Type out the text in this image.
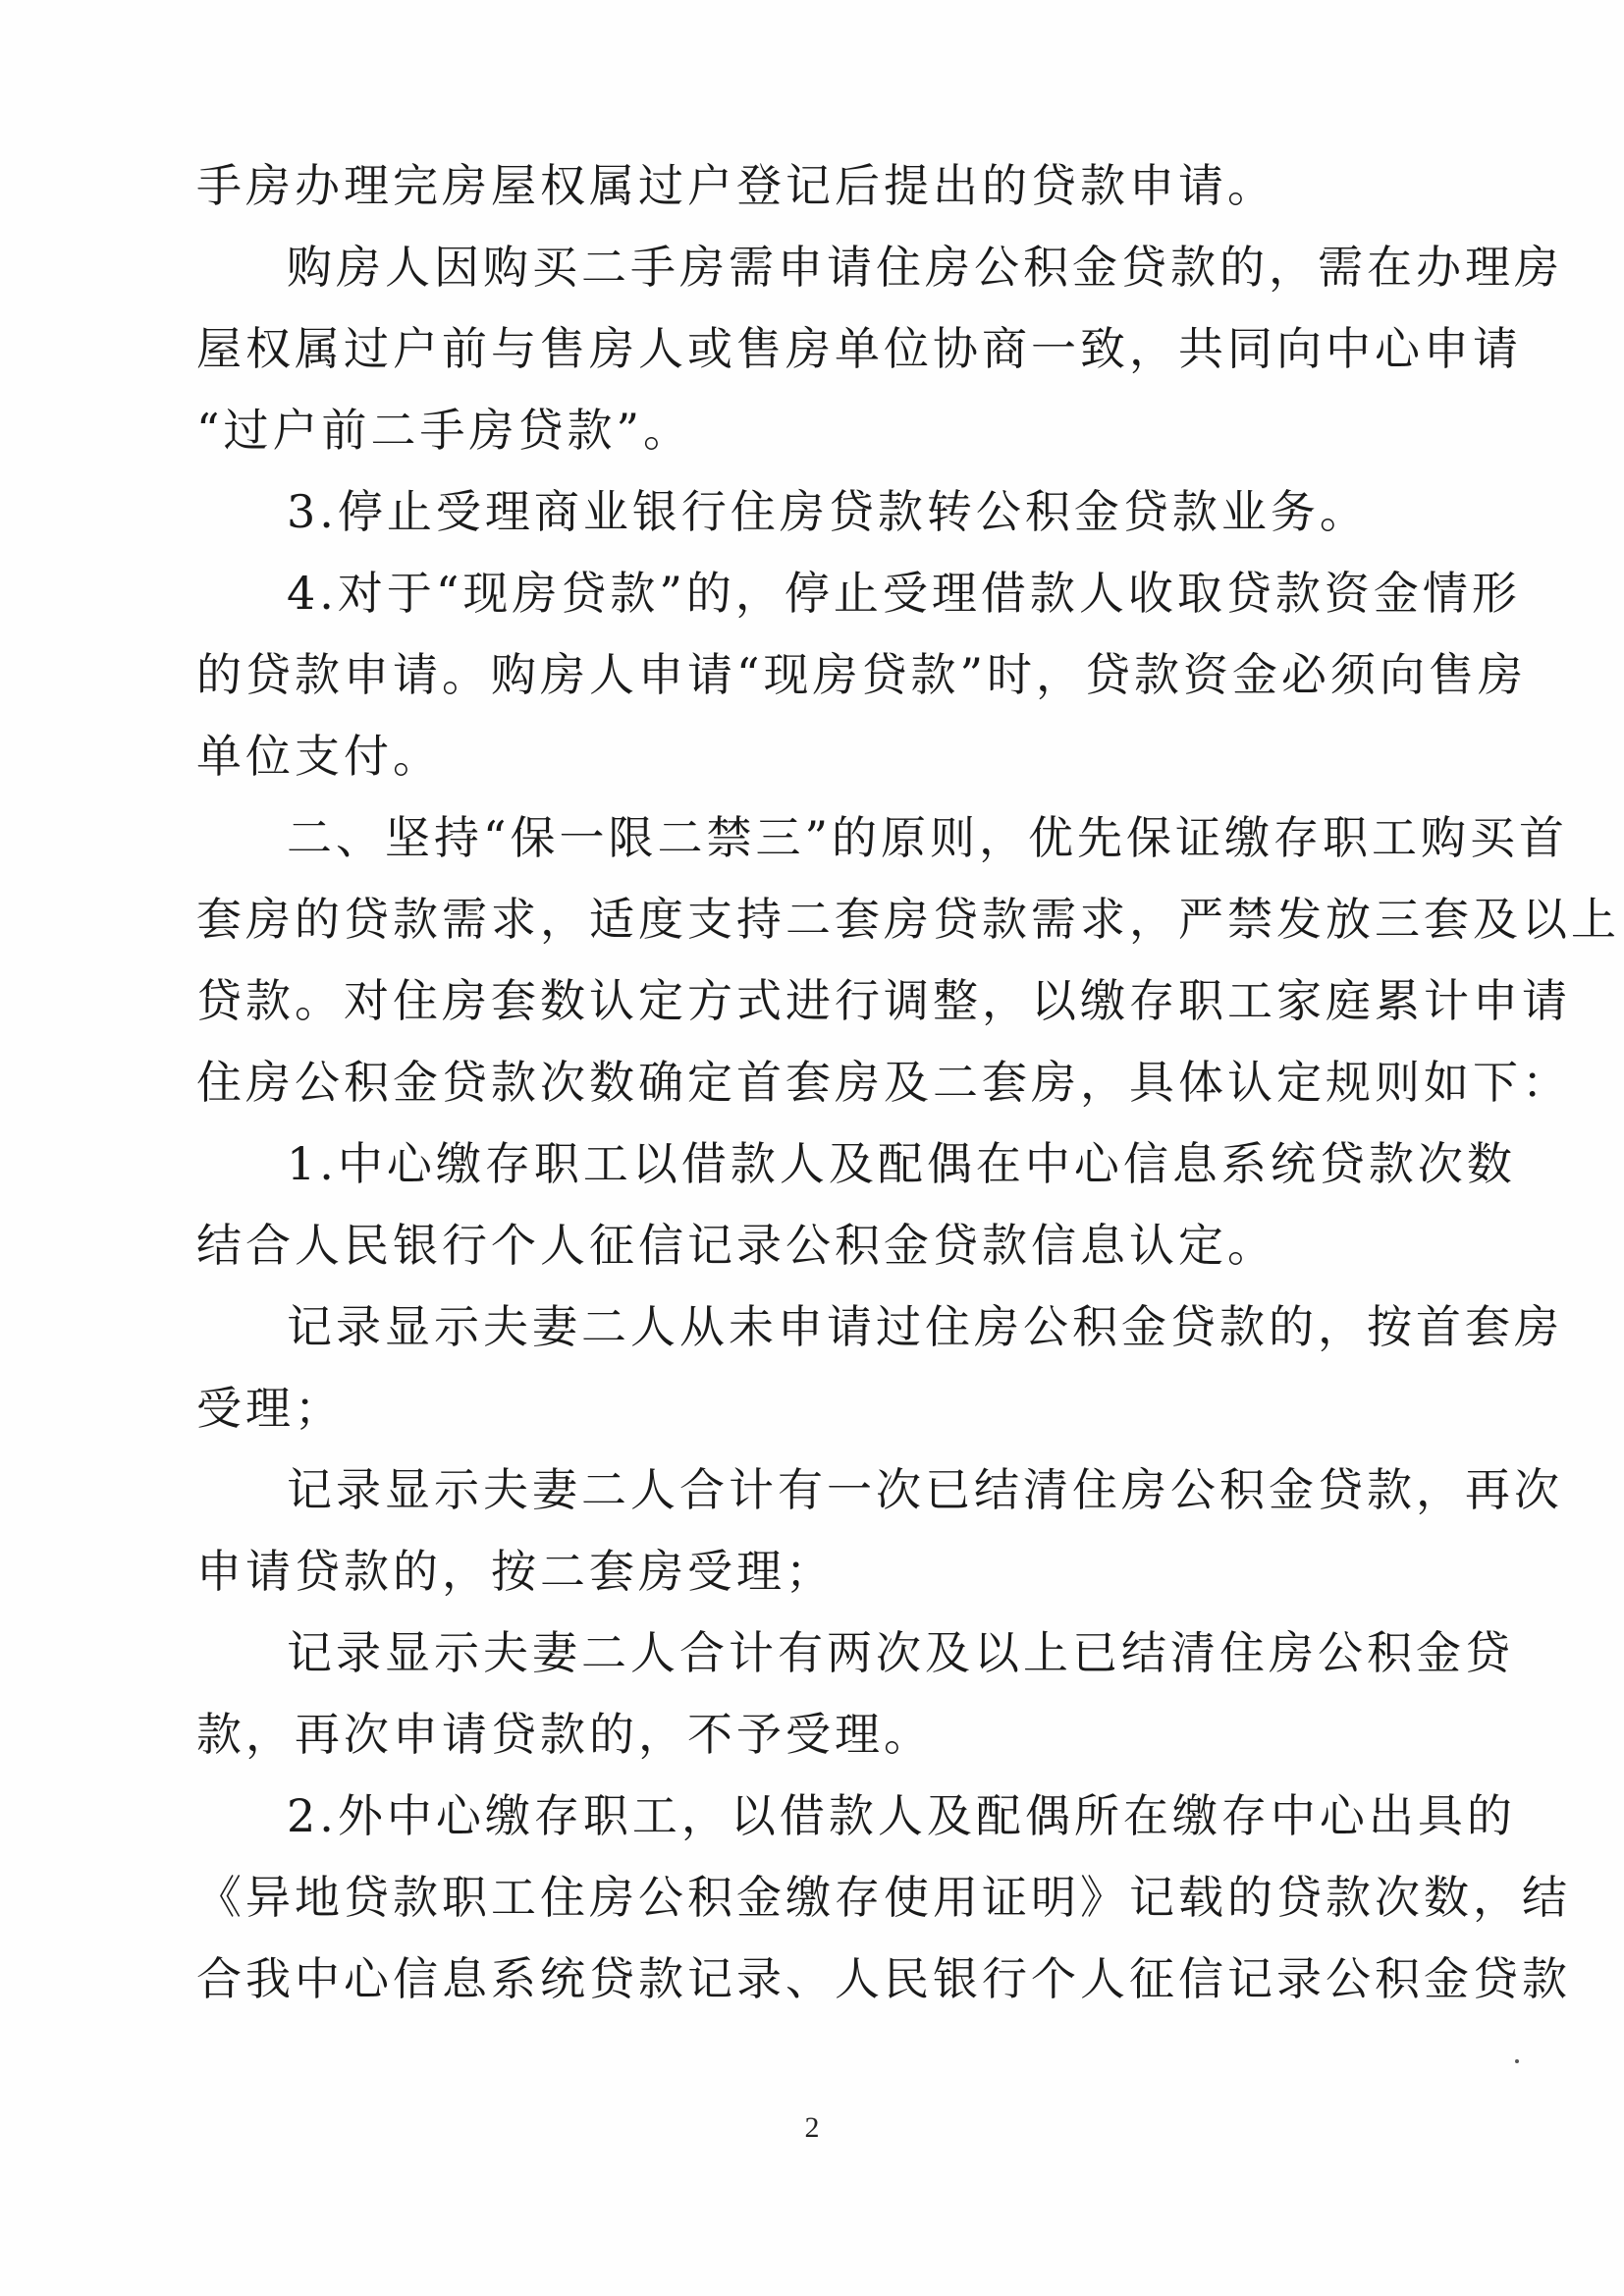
手房办理完房屋权属过户登记后提出的贷款申请。
购房人因购买二手房需申请住房公积金贷款的，需在办理房
屋权属过户前与售房人或售房单位协商一致，共同向中心申请
“过户前二手房贷款”。
3.停止受理商业银行住房贷款转公积金贷款业务。
4.对于“现房贷款”的，停止受理借款人收取贷款资金情形
的贷款申请。购房人申请“现房贷款”时，贷款资金必须向售房
单位支付。
二、坚持“保一限二禁三”的原则，优先保证缴存职工购买首
套房的贷款需求，适度支持二套房贷款需求，严禁发放三套及以上
贷款。对住房套数认定方式进行调整，以缴存职工家庭累计申请
住房公积金贷款次数确定首套房及二套房，具体认定规则如下：
1.中心缴存职工以借款人及配偶在中心信息系统贷款次数
结合人民银行个人征信记录公积金贷款信息认定。
记录显示夫妻二人从未申请过住房公积金贷款的，按首套房
受理；
记录显示夫妻二人合计有一次已结清住房公积金贷款，再次
申请贷款的，按二套房受理；
记录显示夫妻二人合计有两次及以上已结清住房公积金贷
款，再次申请贷款的，不予受理。
2.外中心缴存职工，以借款人及配偶所在缴存中心出具的
《异地贷款职工住房公积金缴存使用证明》记载的贷款次数，结
合我中心信息系统贷款记录、人民银行个人征信记录公积金贷款
2
